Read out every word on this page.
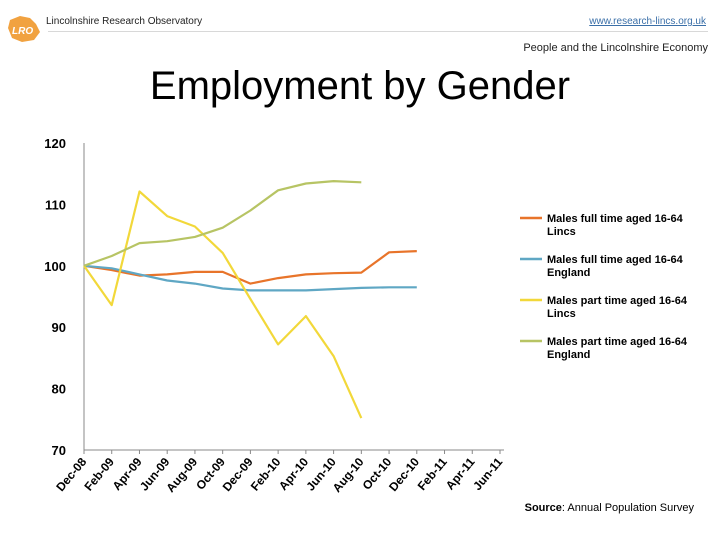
LRO
Lincolnshire Research Observatory	www.research-lincs.org.uk
People and the Lincolnshire Economy
Employment by Gender
70
80
90
100
110
120
Dec-08
Feb-09
Apr-09
Jun-09
Aug-09
Oct-09
Dec-09
Feb-10
Apr-10
Jun-10
Aug-10
Oct-10
Dec-10
Feb-11
Apr-11
Jun-11
Males full time aged 16-64
Lincs
Males full time aged 16-64
England
Males part time aged 16-64
Lincs
Males part time aged 16-64
England
Source: Annual Population Survey
